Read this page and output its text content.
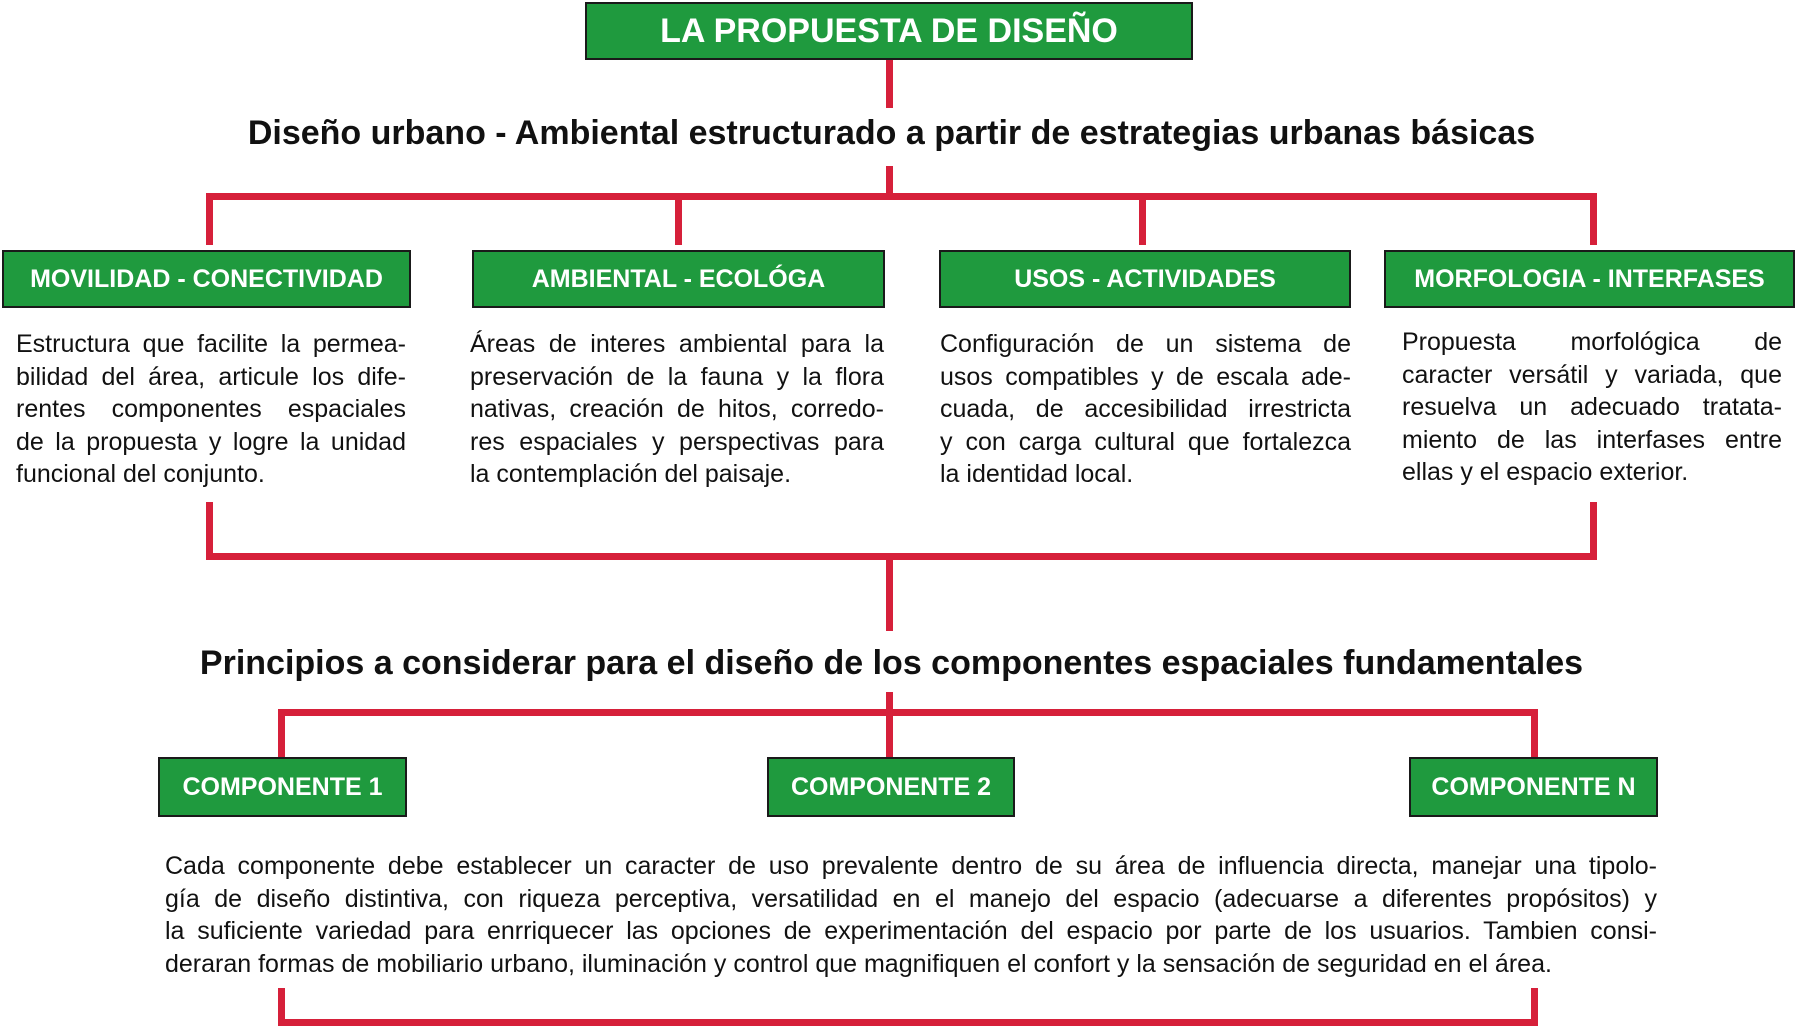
LA PROPUESTA DE DISEÑO
Diseño urbano - Ambiental estructurado a partir de estrategias urbanas básicas
MOVILIDAD - CONECTIVIDAD	AMBIENTAL - ECOLÓGA	USOS - ACTIVIDADES	MORFOLOGIA - INTERFASES
Estructura que facilite la permea-
bilidad del área, articule los dife-
rentes componentes espaciales
de la propuesta y logre la unidad
funcional del conjunto.
Áreas de interes ambiental para la
preservación de la fauna y la flora
nativas, creación de hitos, corredo-
res espaciales y perspectivas para
la contemplación del paisaje.
Configuración de un sistema de
usos compatibles y de escala ade-
cuada, de accesibilidad irrestricta
y con carga cultural que fortalezca
la identidad local.
Propuesta morfológica de
caracter versátil y variada, que
resuelva un adecuado tratata-
miento de las interfases entre
ellas y el espacio exterior.
Principios a considerar para el diseño de los componentes espaciales fundamentales
COMPONENTE 1	COMPONENTE 2	COMPONENTE N
Cada componente debe establecer un caracter de uso prevalente dentro de su área de influencia directa, manejar una tipolo-
gía de diseño distintiva, con riqueza perceptiva, versatilidad en el manejo del espacio (adecuarse a diferentes propósitos) y
la suficiente variedad para enrriquecer las opciones de experimentación del espacio por parte de los usuarios. Tambien consi-
deraran formas de mobiliario urbano, iluminación y control que magnifiquen el confort y la sensación de seguridad en el área.
